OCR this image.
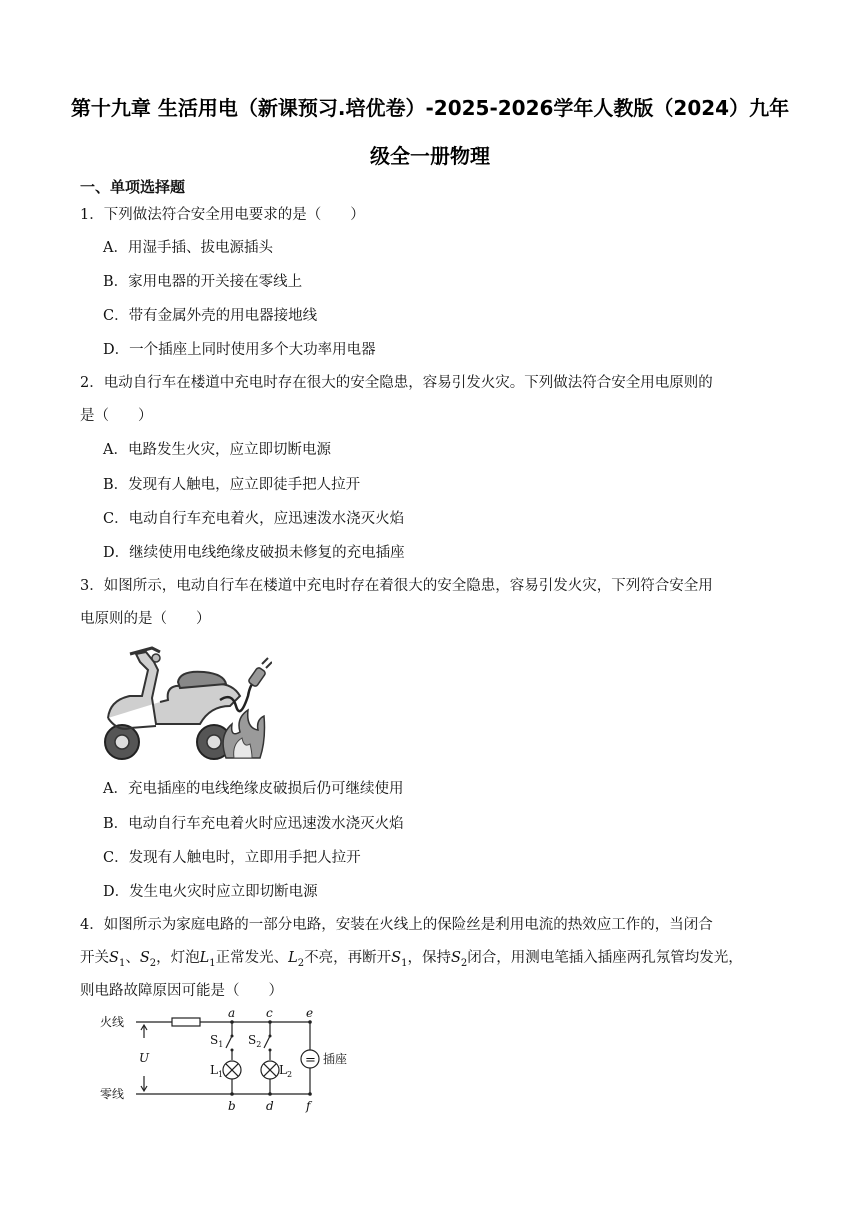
第十九章 生活用电（新课预习.培优卷）-2025-2026学年人教版（2024）九年
级全一册物理
一、单项选择题
1．下列做法符合安全用电要求的是（　　）
A．用湿手插、拔电源插头
B．家用电器的开关接在零线上
C．带有金属外壳的用电器接地线
D．一个插座上同时使用多个大功率用电器
2．电动自行车在楼道中充电时存在很大的安全隐患，容易引发火灾。下列做法符合安全用电原则的
是（　　）
A．电路发生火灾，应立即切断电源
B．发现有人触电，应立即徒手把人拉开
C．电动自行车充电着火，应迅速泼水浇灭火焰
D．继续使用电线绝缘皮破损未修复的充电插座
3．如图所示，电动自行车在楼道中充电时存在着很大的安全隐患，容易引发火灾，下列符合安全用
电原则的是（　　）
A．充电插座的电线绝缘皮破损后仍可继续使用
B．电动自行车充电着火时应迅速泼水浇灭火焰
C．发现有人触电时，立即用手把人拉开
D．发生电火灾时应立即切断电源
4．如图所示为家庭电路的一部分电路，安装在火线上的保险丝是利用电流的热效应工作的，当闭合
开关$S_1$、$S_2$，灯泡$L_1$正常发光、$L_2$不亮，再断开$S_1$，保持$S_2$闭合，用测电笔插入插座两孔氖管均发光，
则电路故障原因可能是（　　）
火线
零线
U
a	c	e
b	d	f
$S_1$ $S_2$
$L_1$	$L_2$
= 插座
